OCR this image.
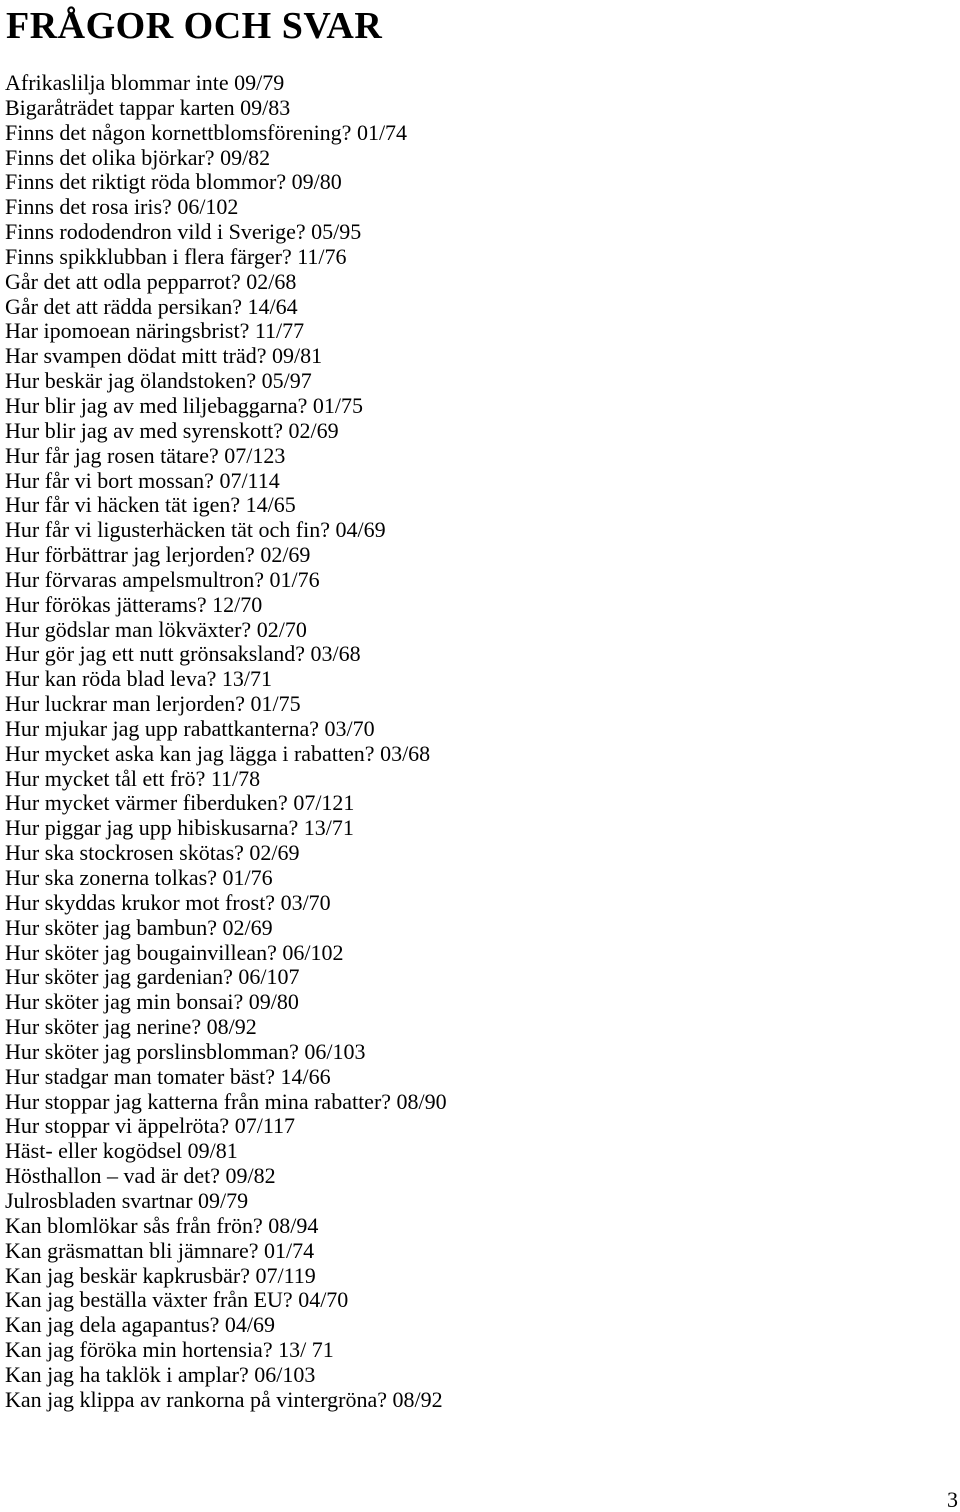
FRÅGOR OCH SVAR
Afrikaslilja blommar inte 09/79
Bigaråträdet tappar karten 09/83
Finns det någon kornettblomsförening? 01/74
Finns det olika björkar? 09/82
Finns det riktigt röda blommor? 09/80
Finns det rosa iris? 06/102
Finns rododendron vild i Sverige? 05/95
Finns spikklubban i flera färger? 11/76
Går det att odla pepparrot? 02/68
Går det att rädda persikan? 14/64
Har ipomoean näringsbrist? 11/77
Har svampen dödat mitt träd? 09/81
Hur beskär jag ölandstoken? 05/97
Hur blir jag av med liljebaggarna? 01/75
Hur blir jag av med syrenskott? 02/69
Hur får jag rosen tätare? 07/123
Hur får vi bort mossan? 07/114
Hur får vi häcken tät igen? 14/65
Hur får vi ligusterhäcken tät och fin? 04/69
Hur förbättrar jag lerjorden? 02/69
Hur förvaras ampelsmultron? 01/76
Hur förökas jätterams? 12/70
Hur gödslar man lökväxter? 02/70
Hur gör jag ett nutt grönsaksland? 03/68
Hur kan röda blad leva? 13/71
Hur luckrar man lerjorden? 01/75
Hur mjukar jag upp rabattkanterna? 03/70
Hur mycket aska kan jag lägga i rabatten? 03/68
Hur mycket tål ett frö? 11/78
Hur mycket värmer fiberduken? 07/121
Hur piggar jag upp hibiskusarna? 13/71
Hur ska stockrosen skötas? 02/69
Hur ska zonerna tolkas? 01/76
Hur skyddas krukor mot frost? 03/70
Hur sköter jag bambun? 02/69
Hur sköter jag bougainvillean? 06/102
Hur sköter jag gardenian? 06/107
Hur sköter jag min bonsai? 09/80
Hur sköter jag nerine? 08/92
Hur sköter jag porslinsblomman? 06/103
Hur stadgar man tomater bäst? 14/66
Hur stoppar jag katterna från mina rabatter? 08/90
Hur stoppar vi äppelröta? 07/117
Häst- eller kogödsel 09/81
Hösthallon – vad är det? 09/82
Julrosbladen svartnar 09/79
Kan blomlökar sås från frön? 08/94
Kan gräsmattan bli jämnare? 01/74
Kan jag beskär kapkrusbär? 07/119
Kan jag beställa växter från EU? 04/70
Kan jag dela agapantus? 04/69
Kan jag föröka min hortensia? 13/ 71
Kan jag ha taklök i amplar? 06/103
Kan jag klippa av rankorna på vintergröna? 08/92
3
